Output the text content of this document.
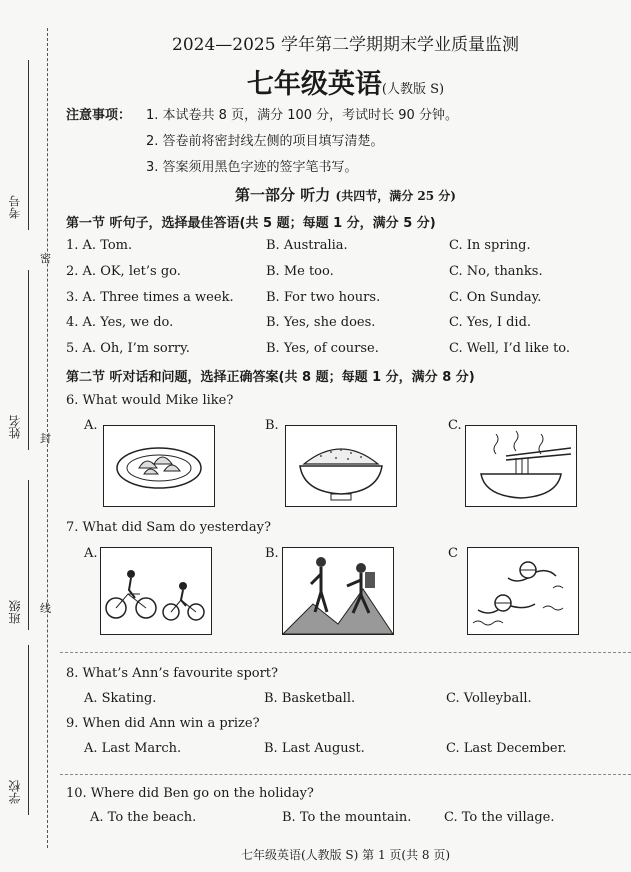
考号
姓名
班级
学校
密
封
线
2024—2025 学年第二学期期末学业质量监测
七年级英语(人教版 S)
注意事项： 1. 本试卷共 8 页，满分 100 分，考试时长 90 分钟。
2. 答卷前将密封线左侧的项目填写清楚。
3. 答案须用黑色字迹的签字笔书写。
第一部分 听力 (共四节，满分 25 分)
第一节 听句子，选择最佳答语(共 5 题；每题 1 分，满分 5 分)
1. A. Tom.	B. Australia.	C. In spring.
2. A. OK, let’s go.	B. Me too.	C. No, thanks.
3. A. Three times a week. B. For two hours.	C. On Sunday.
4. A. Yes, we do.	B. Yes, she does.	C. Yes, I did.
5. A. Oh, I’m sorry.	B. Yes, of course.	C. Well, I’d like to.
第二节 听对话和问题，选择正确答案(共 8 题；每题 1 分，满分 8 分)
6. What would Mike like?
A.	B.	C.
7. What did Sam do yesterday?
A.	B.	C
8. What’s Ann’s favourite sport?
A. Skating.	B. Basketball.	C. Volleyball.
9. When did Ann win a prize?
A. Last March.	B. Last August.	C. Last December.
10. Where did Ben go on the holiday?
A. To the beach.	B. To the mountain.	C. To the village.
七年级英语(人教版 S) 第 1 页(共 8 页)
